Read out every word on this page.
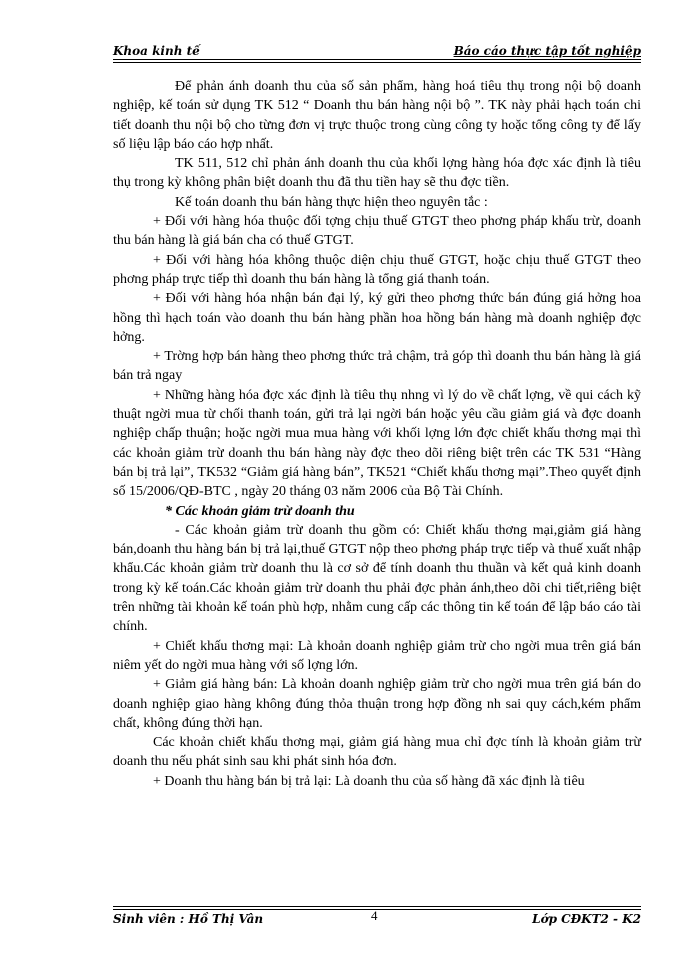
Khoa kinh tế	Báo cáo thực tập tốt nghiệp

Để phản ánh doanh thu của số sản phẩm, hàng hoá tiêu thụ trong nội bộ doanh nghiệp, kế toán sử dụng TK 512 “ Doanh thu bán hàng nội bộ ”. TK này phải hạch toán chi tiết doanh thu nội bộ cho từng đơn vị trực thuộc trong cùng công ty hoặc tổng công ty để lấy số liệu lập báo cáo hợp nhất.

TK 511, 512 chỉ phản ánh doanh thu của khối lợng hàng hóa đợc xác định là tiêu thụ trong kỳ không phân biệt doanh thu đã thu tiền hay sẽ thu đợc tiền.

Kế toán doanh thu bán hàng thực hiện theo nguyên tắc :

+ Đối với hàng hóa thuộc đối tợng chịu thuế GTGT theo phơng pháp khấu trừ, doanh thu bán hàng là giá bán cha có thuế GTGT.

+ Đối với hàng hóa không thuộc diện chịu thuế GTGT, hoặc chịu thuế GTGT theo phơng pháp trực tiếp thì doanh thu bán hàng là tổng giá thanh toán.

+ Đối với hàng hóa nhận bán đại lý, ký gửi theo phơng thức bán đúng giá hởng hoa hồng thì hạch toán vào doanh thu bán hàng phần hoa hồng bán hàng mà doanh nghiệp đợc hởng.

+ Trờng hợp bán hàng theo phơng thức trả chậm, trả góp thì doanh thu bán hàng là giá bán trả ngay

+ Những hàng hóa đợc xác định là tiêu thụ nhng vì lý do về chất lợng, về qui cách kỹ thuật ngời mua từ chối thanh toán, gửi trả lại ngời bán hoặc yêu cầu giảm giá và đợc doanh nghiệp chấp thuận; hoặc ngời mua mua hàng với khối lợng lớn đợc chiết khấu thơng mại thì các khoản giảm trừ doanh thu bán hàng này đợc theo dõi riêng biệt trên các TK 531 “Hàng bán bị trả lại”, TK532 “Giảm giá hàng bán”, TK521 “Chiết khấu thơng mại”.Theo quyết định số 15/2006/QĐ-BTC , ngày 20 tháng 03 năm 2006 của Bộ Tài Chính.

* Các khoản giảm trừ doanh thu

- Các khoản giảm trừ doanh thu gồm có: Chiết khấu thơng mại,giảm giá hàng bán,doanh thu hàng bán bị trả lại,thuế GTGT nộp theo phơng pháp trực tiếp và thuế xuất nhập khẩu.Các khoản giảm trừ doanh thu là cơ sở để tính doanh thu thuần và kết quả kinh doanh trong kỳ kế toán.Các khoản giảm trừ doanh thu phải đợc phản ánh,theo dõi chi tiết,riêng biệt trên những tài khoản kế toán phù hợp, nhằm cung cấp các thông tin kế toán để lập báo cáo tài chính.

+ Chiết khấu thơng mại: Là khoản doanh nghiệp giảm trừ cho ngời mua trên giá bán niêm yết do ngời mua hàng với số lợng lớn.

+ Giảm giá hàng bán: Là khoản doanh nghiệp giảm trừ cho ngời mua trên giá bán do doanh nghiệp giao hàng không đúng thỏa thuận trong hợp đồng nh sai quy cách,kém phẩm chất, không đúng thời hạn.

Các khoản chiết khấu thơng mại, giảm giá hàng mua chỉ đợc tính là khoản giảm trừ doanh thu nếu phát sinh sau khi phát sinh hóa đơn.

+ Doanh thu hàng bán bị trả lại: Là doanh thu của số hàng đã xác định là tiêu

Sinh viên : Hồ Thị Vân	4	Lớp CĐKT2 - K2
